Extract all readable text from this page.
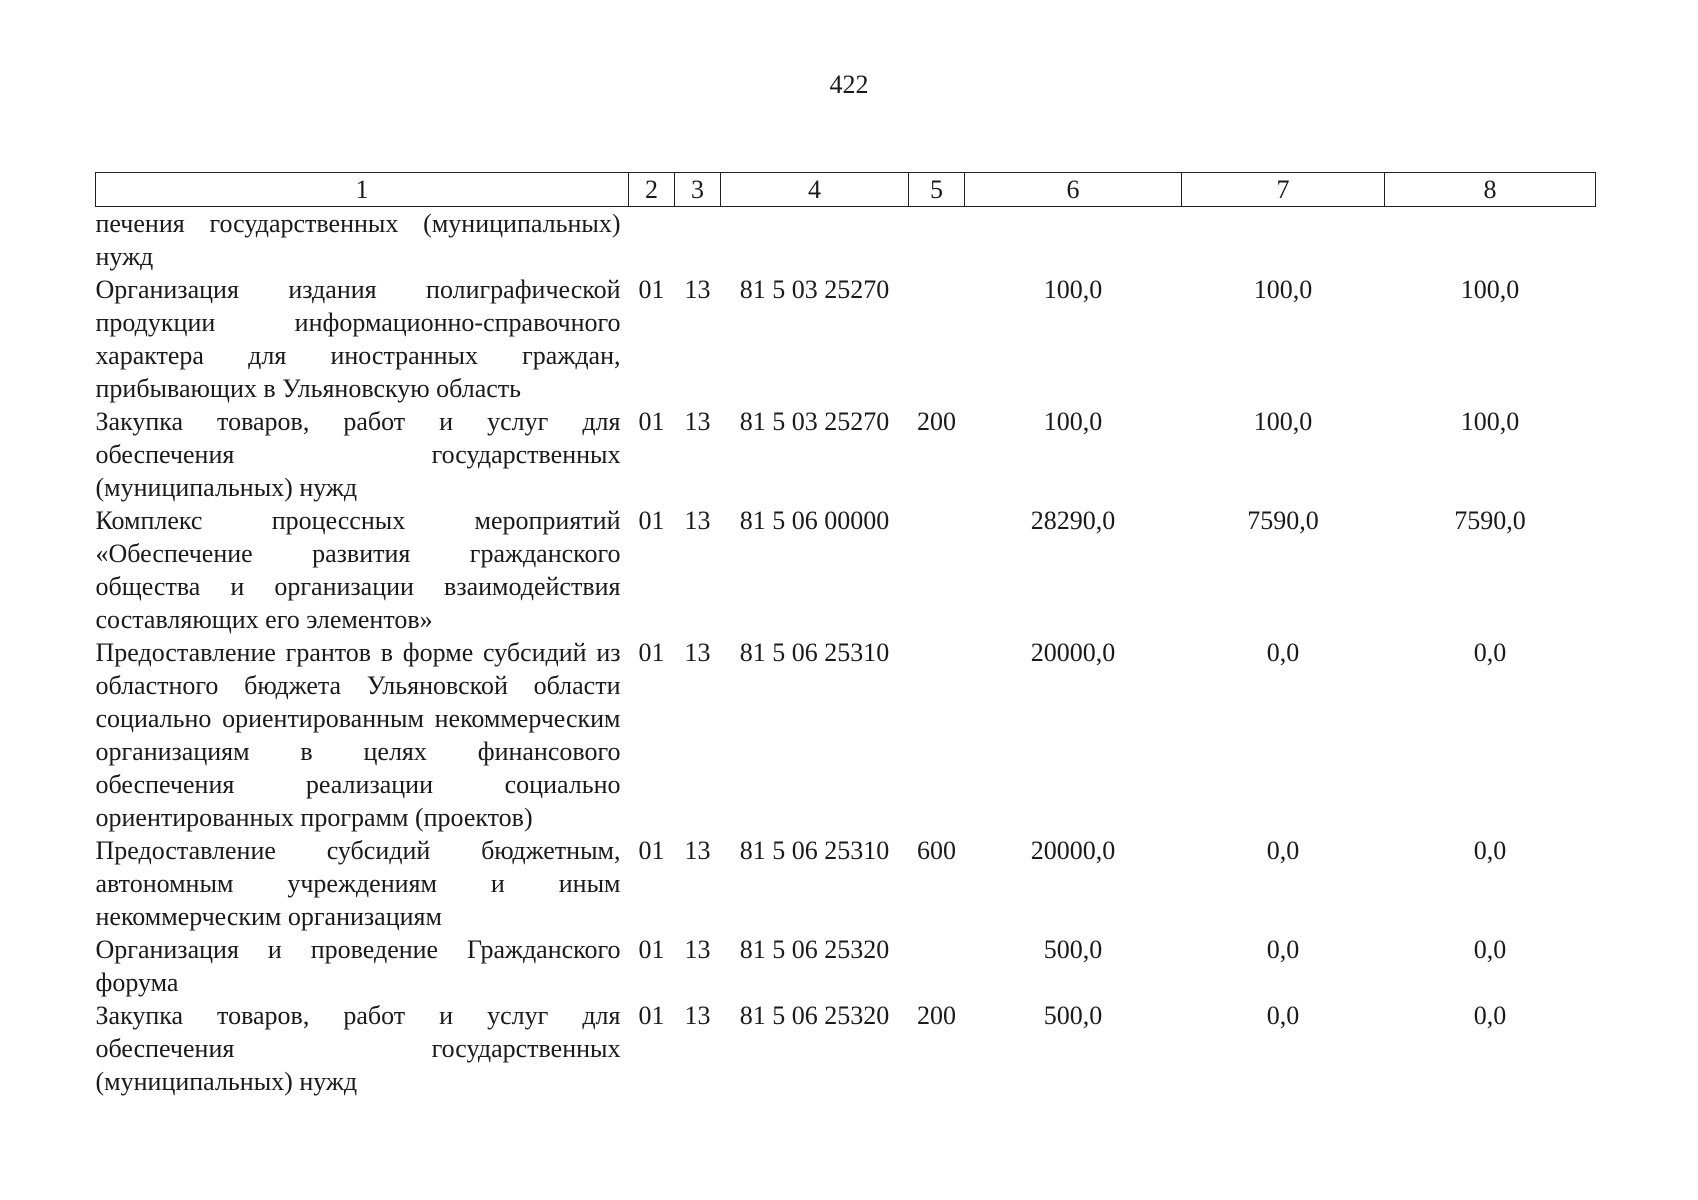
422
1	2	3	4	5	6	7	8
печения государственных (муниципальных) нужд							
Организация издания полиграфической продукции информационно-справочного характера для иностранных граждан, прибывающих в Ульяновскую область	01	13	81 5 03 25270		100,0	100,0	100,0
Закупка товаров, работ и услуг для обеспечения государственных (муниципальных) нужд	01	13	81 5 03 25270	200	100,0	100,0	100,0
Комплекс процессных мероприятий «Обеспечение развития гражданского общества и организации взаимодействия составляющих его элементов»	01	13	81 5 06 00000		28290,0	7590,0	7590,0
Предоставление грантов в форме субсидий из областного бюджета Ульяновской области социально ориентированным некоммерческим организациям в целях финансового обеспечения реализации социально ориентированных программ (проектов)	01	13	81 5 06 25310		20000,0	0,0	0,0
Предоставление субсидий бюджетным, автономным учреждениям и иным некоммерческим организациям	01	13	81 5 06 25310	600	20000,0	0,0	0,0
Организация и проведение Гражданского форума	01	13	81 5 06 25320		500,0	0,0	0,0
Закупка товаров, работ и услуг для обеспечения государственных (муниципальных) нужд	01	13	81 5 06 25320	200	500,0	0,0	0,0
